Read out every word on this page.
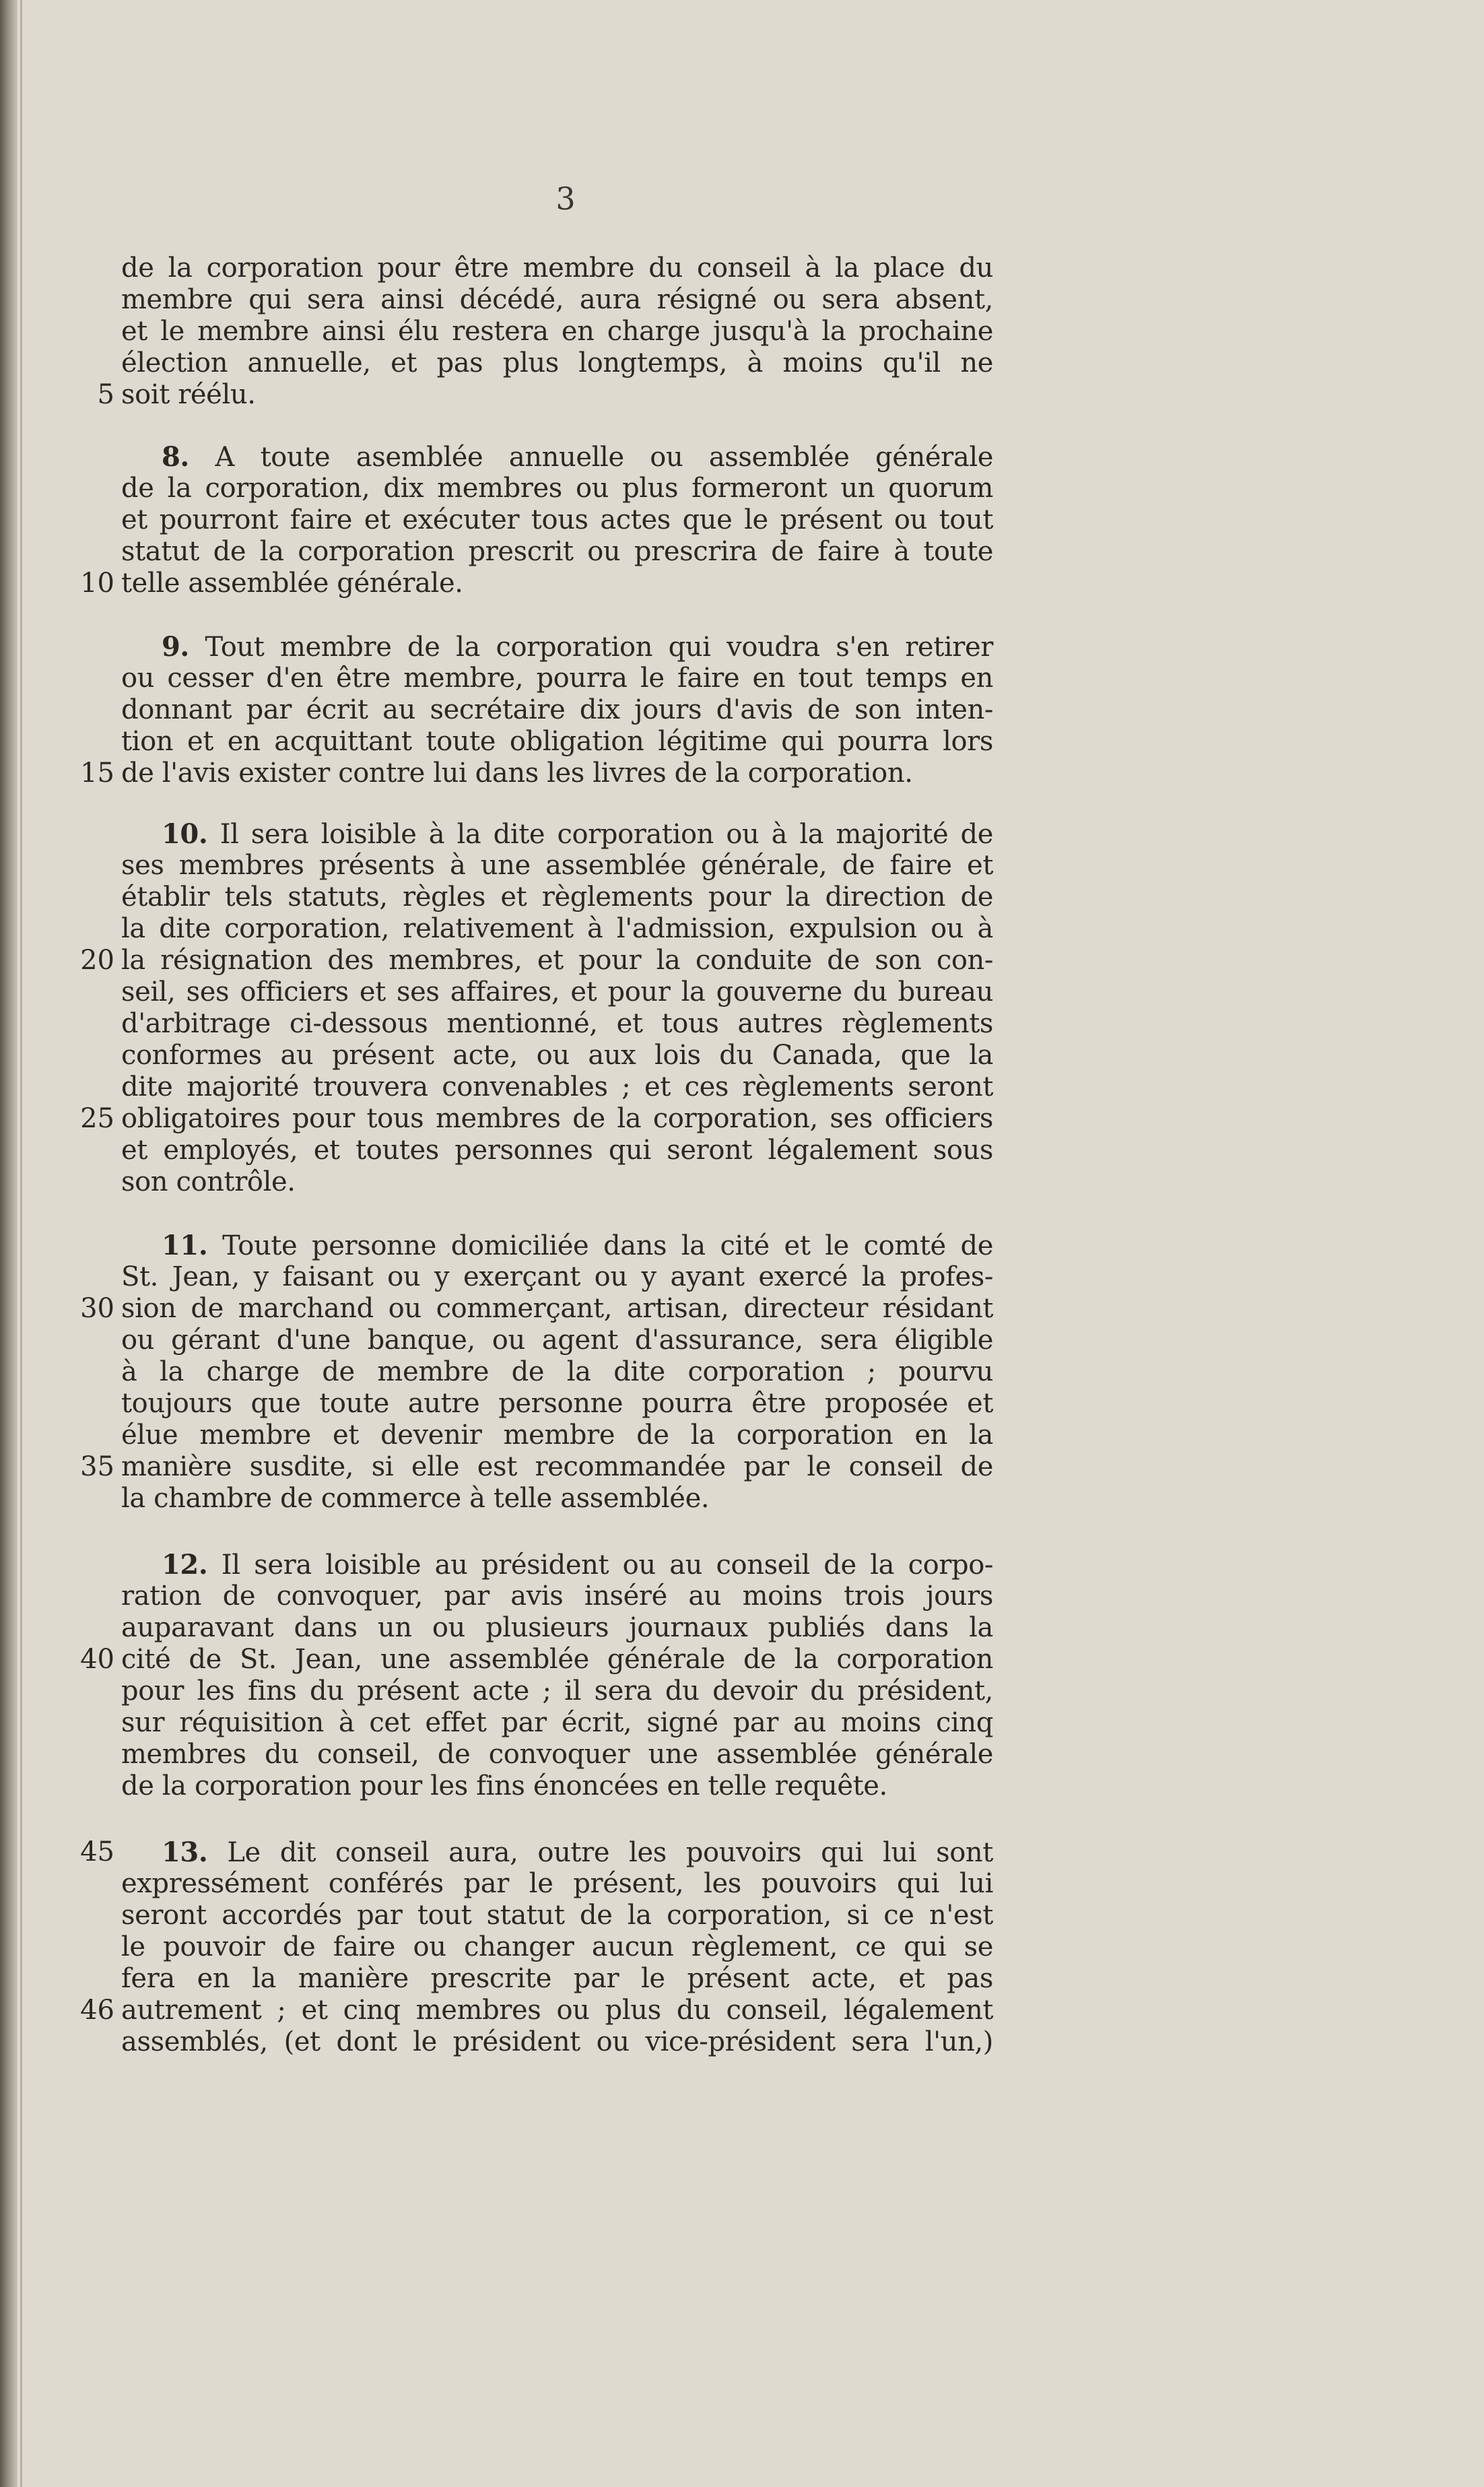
3
de la corporation pour être membre du conseil à la place du
membre qui sera ainsi décédé, aura résigné ou sera absent,
et le membre ainsi élu restera en charge jusqu'à la prochaine
élection annuelle, et pas plus longtemps, à moins qu'il ne
5 soit réélu.
8. A toute asemblée annuelle ou assemblée générale
de la corporation, dix membres ou plus formeront un quorum
et pourront faire et exécuter tous actes que le présent ou tout
statut de la corporation prescrit ou prescrira de faire à toute
10 telle assemblée générale.
9. Tout membre de la corporation qui voudra s'en retirer
ou cesser d'en être membre, pourra le faire en tout temps en
donnant par écrit au secrétaire dix jours d'avis de son inten-
tion et en acquittant toute obligation légitime qui pourra lors
15 de l'avis exister contre lui dans les livres de la corporation.
10. Il sera loisible à la dite corporation ou à la majorité de
ses membres présents à une assemblée générale, de faire et
établir tels statuts, règles et règlements pour la direction de
la dite corporation, relativement à l'admission, expulsion ou à
20 la résignation des membres, et pour la conduite de son con-
seil, ses officiers et ses affaires, et pour la gouverne du bureau
d'arbitrage ci-dessous mentionné, et tous autres règlements
conformes au présent acte, ou aux lois du Canada, que la
dite majorité trouvera convenables ; et ces règlements seront
25 obligatoires pour tous membres de la corporation, ses officiers
et employés, et toutes personnes qui seront légalement sous
son contrôle.
11. Toute personne domiciliée dans la cité et le comté de
St. Jean, y faisant ou y exerçant ou y ayant exercé la profes-
30 sion de marchand ou commerçant, artisan, directeur résidant
ou gérant d'une banque, ou agent d'assurance, sera éligible
à la charge de membre de la dite corporation ; pourvu
toujours que toute autre personne pourra être proposée et
élue membre et devenir membre de la corporation en la
35 manière susdite, si elle est recommandée par le conseil de
la chambre de commerce à telle assemblée.
12. Il sera loisible au président ou au conseil de la corpo-
ration de convoquer, par avis inséré au moins trois jours
auparavant dans un ou plusieurs journaux publiés dans la
40 cité de St. Jean, une assemblée générale de la corporation
pour les fins du présent acte ; il sera du devoir du président,
sur réquisition à cet effet par écrit, signé par au moins cinq
membres du conseil, de convoquer une assemblée générale
de la corporation pour les fins énoncées en telle requête.
45 13. Le dit conseil aura, outre les pouvoirs qui lui sont
expressément conférés par le présent, les pouvoirs qui lui
seront accordés par tout statut de la corporation, si ce n'est
le pouvoir de faire ou changer aucun règlement, ce qui se
fera en la manière prescrite par le présent acte, et pas
46 autrement ; et cinq membres ou plus du conseil, légalement
assemblés, (et dont le président ou vice-président sera l'un,)
